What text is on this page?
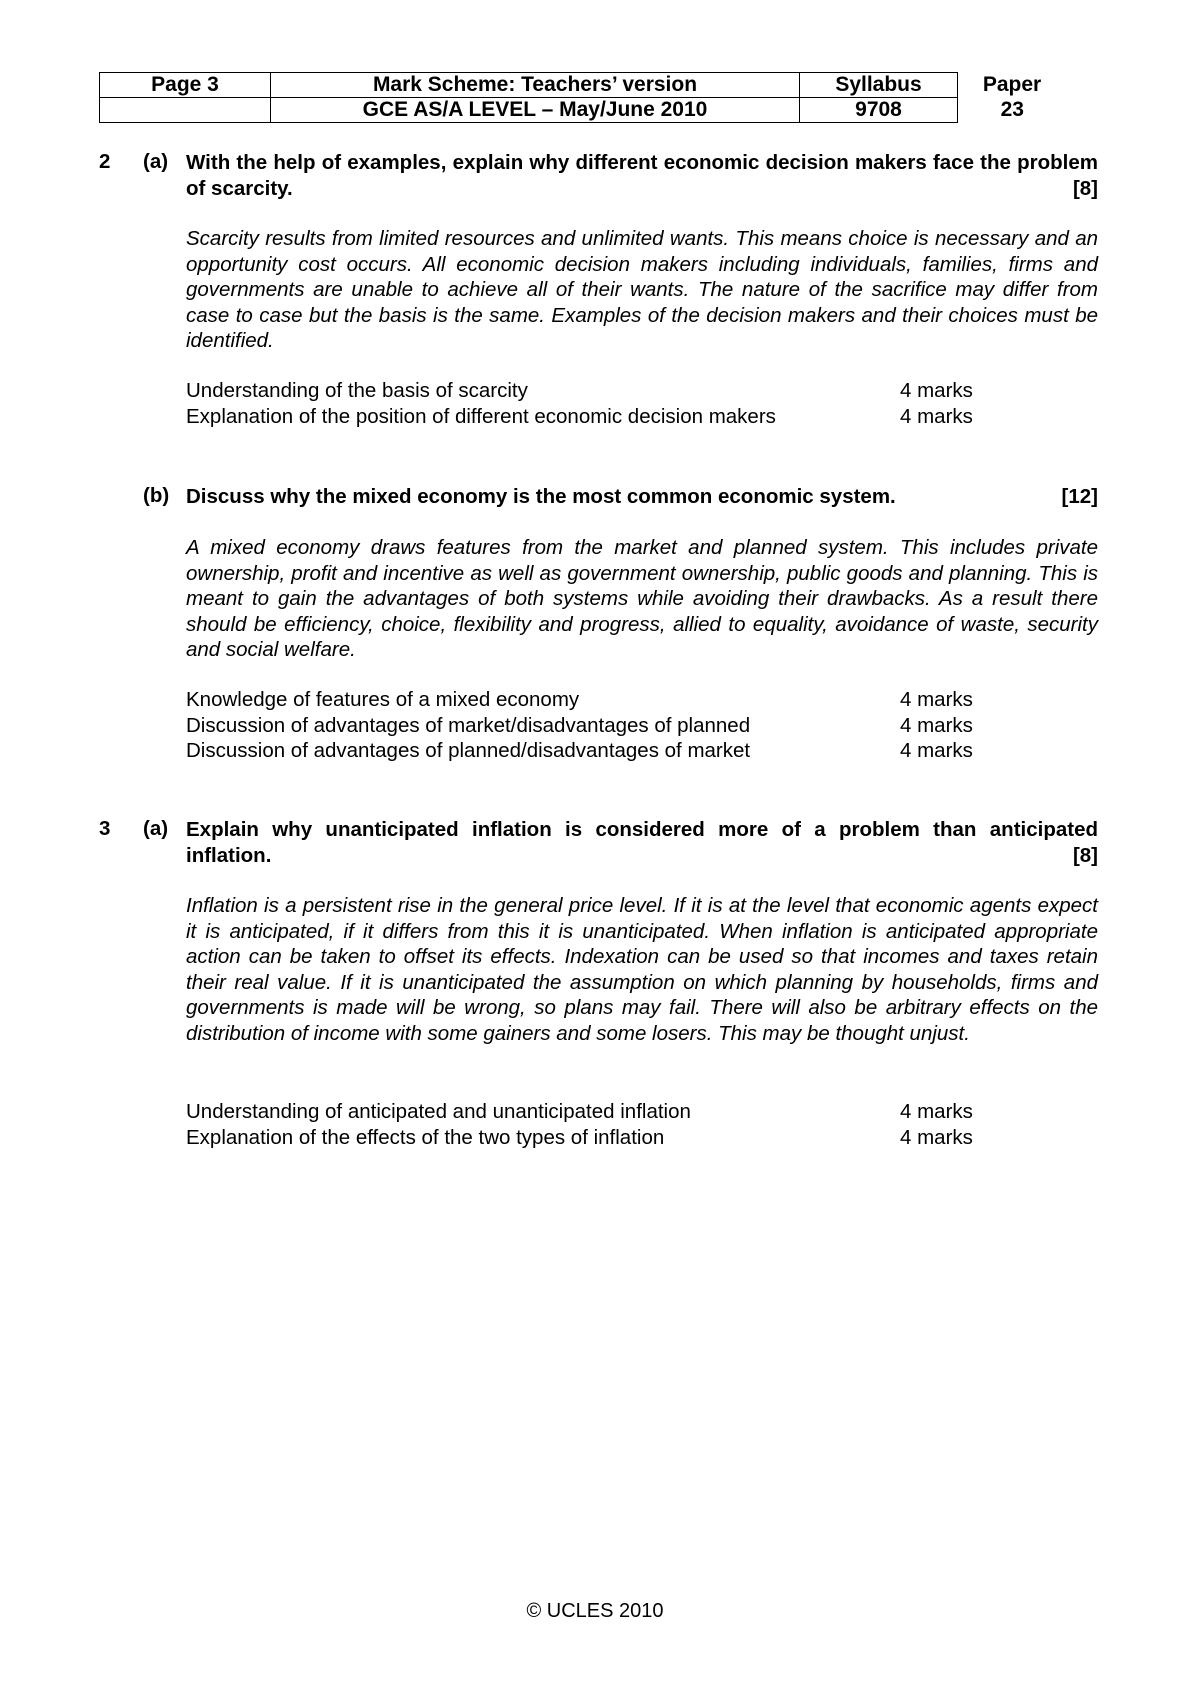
Page 3	Mark Scheme: Teachers’ version	Syllabus	Paper
	GCE AS/A LEVEL – May/June 2010	9708	23
2 (a) With the help of examples, explain why different economic decision makers face the problem of scarcity.	[8]
Scarcity results from limited resources and unlimited wants. This means choice is necessary and an opportunity cost occurs. All economic decision makers including individuals, families, firms and governments are unable to achieve all of their wants. The nature of the sacrifice may differ from case to case but the basis is the same. Examples of the decision makers and their choices must be identified.
Understanding of the basis of scarcity	4 marks
Explanation of the position of different economic decision makers	4 marks
(b) Discuss why the mixed economy is the most common economic system.	[12]
A mixed economy draws features from the market and planned system. This includes private ownership, profit and incentive as well as government ownership, public goods and planning. This is meant to gain the advantages of both systems while avoiding their drawbacks. As a result there should be efficiency, choice, flexibility and progress, allied to equality, avoidance of waste, security and social welfare.
Knowledge of features of a mixed economy	4 marks
Discussion of advantages of market/disadvantages of planned	4 marks
Discussion of advantages of planned/disadvantages of market	4 marks
3 (a) Explain why unanticipated inflation is considered more of a problem than anticipated inflation.	[8]
Inflation is a persistent rise in the general price level. If it is at the level that economic agents expect it is anticipated, if it differs from this it is unanticipated. When inflation is anticipated appropriate action can be taken to offset its effects. Indexation can be used so that incomes and taxes retain their real value. If it is unanticipated the assumption on which planning by households, firms and governments is made will be wrong, so plans may fail. There will also be arbitrary effects on the distribution of income with some gainers and some losers. This may be thought unjust.
Understanding of anticipated and unanticipated inflation	4 marks
Explanation of the effects of the two types of inflation	4 marks
© UCLES 2010
